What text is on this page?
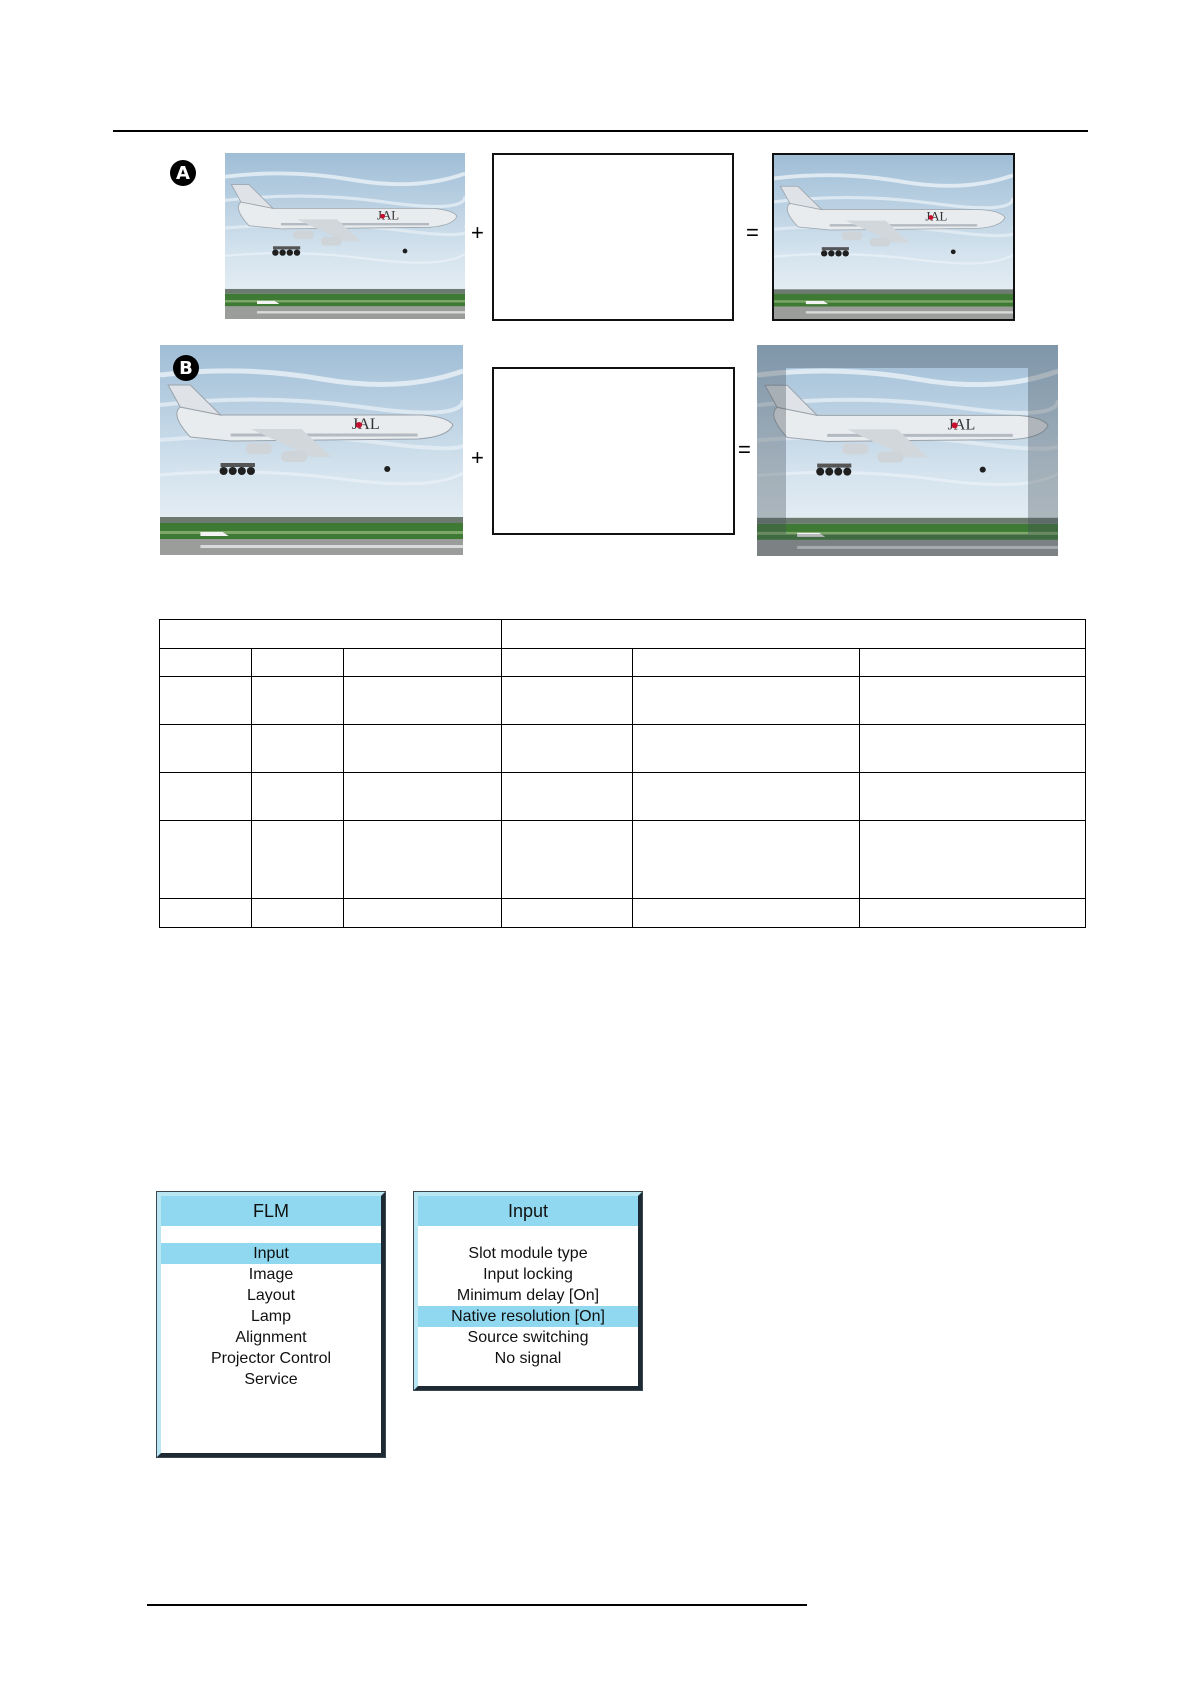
A
+	=
B
+	=

FLM
Input
Image
Layout
Lamp
Alignment
Projector Control
Service
Input
Slot module type
Input locking
Minimum delay [On]
Native resolution [On]
Source switching
No signal
